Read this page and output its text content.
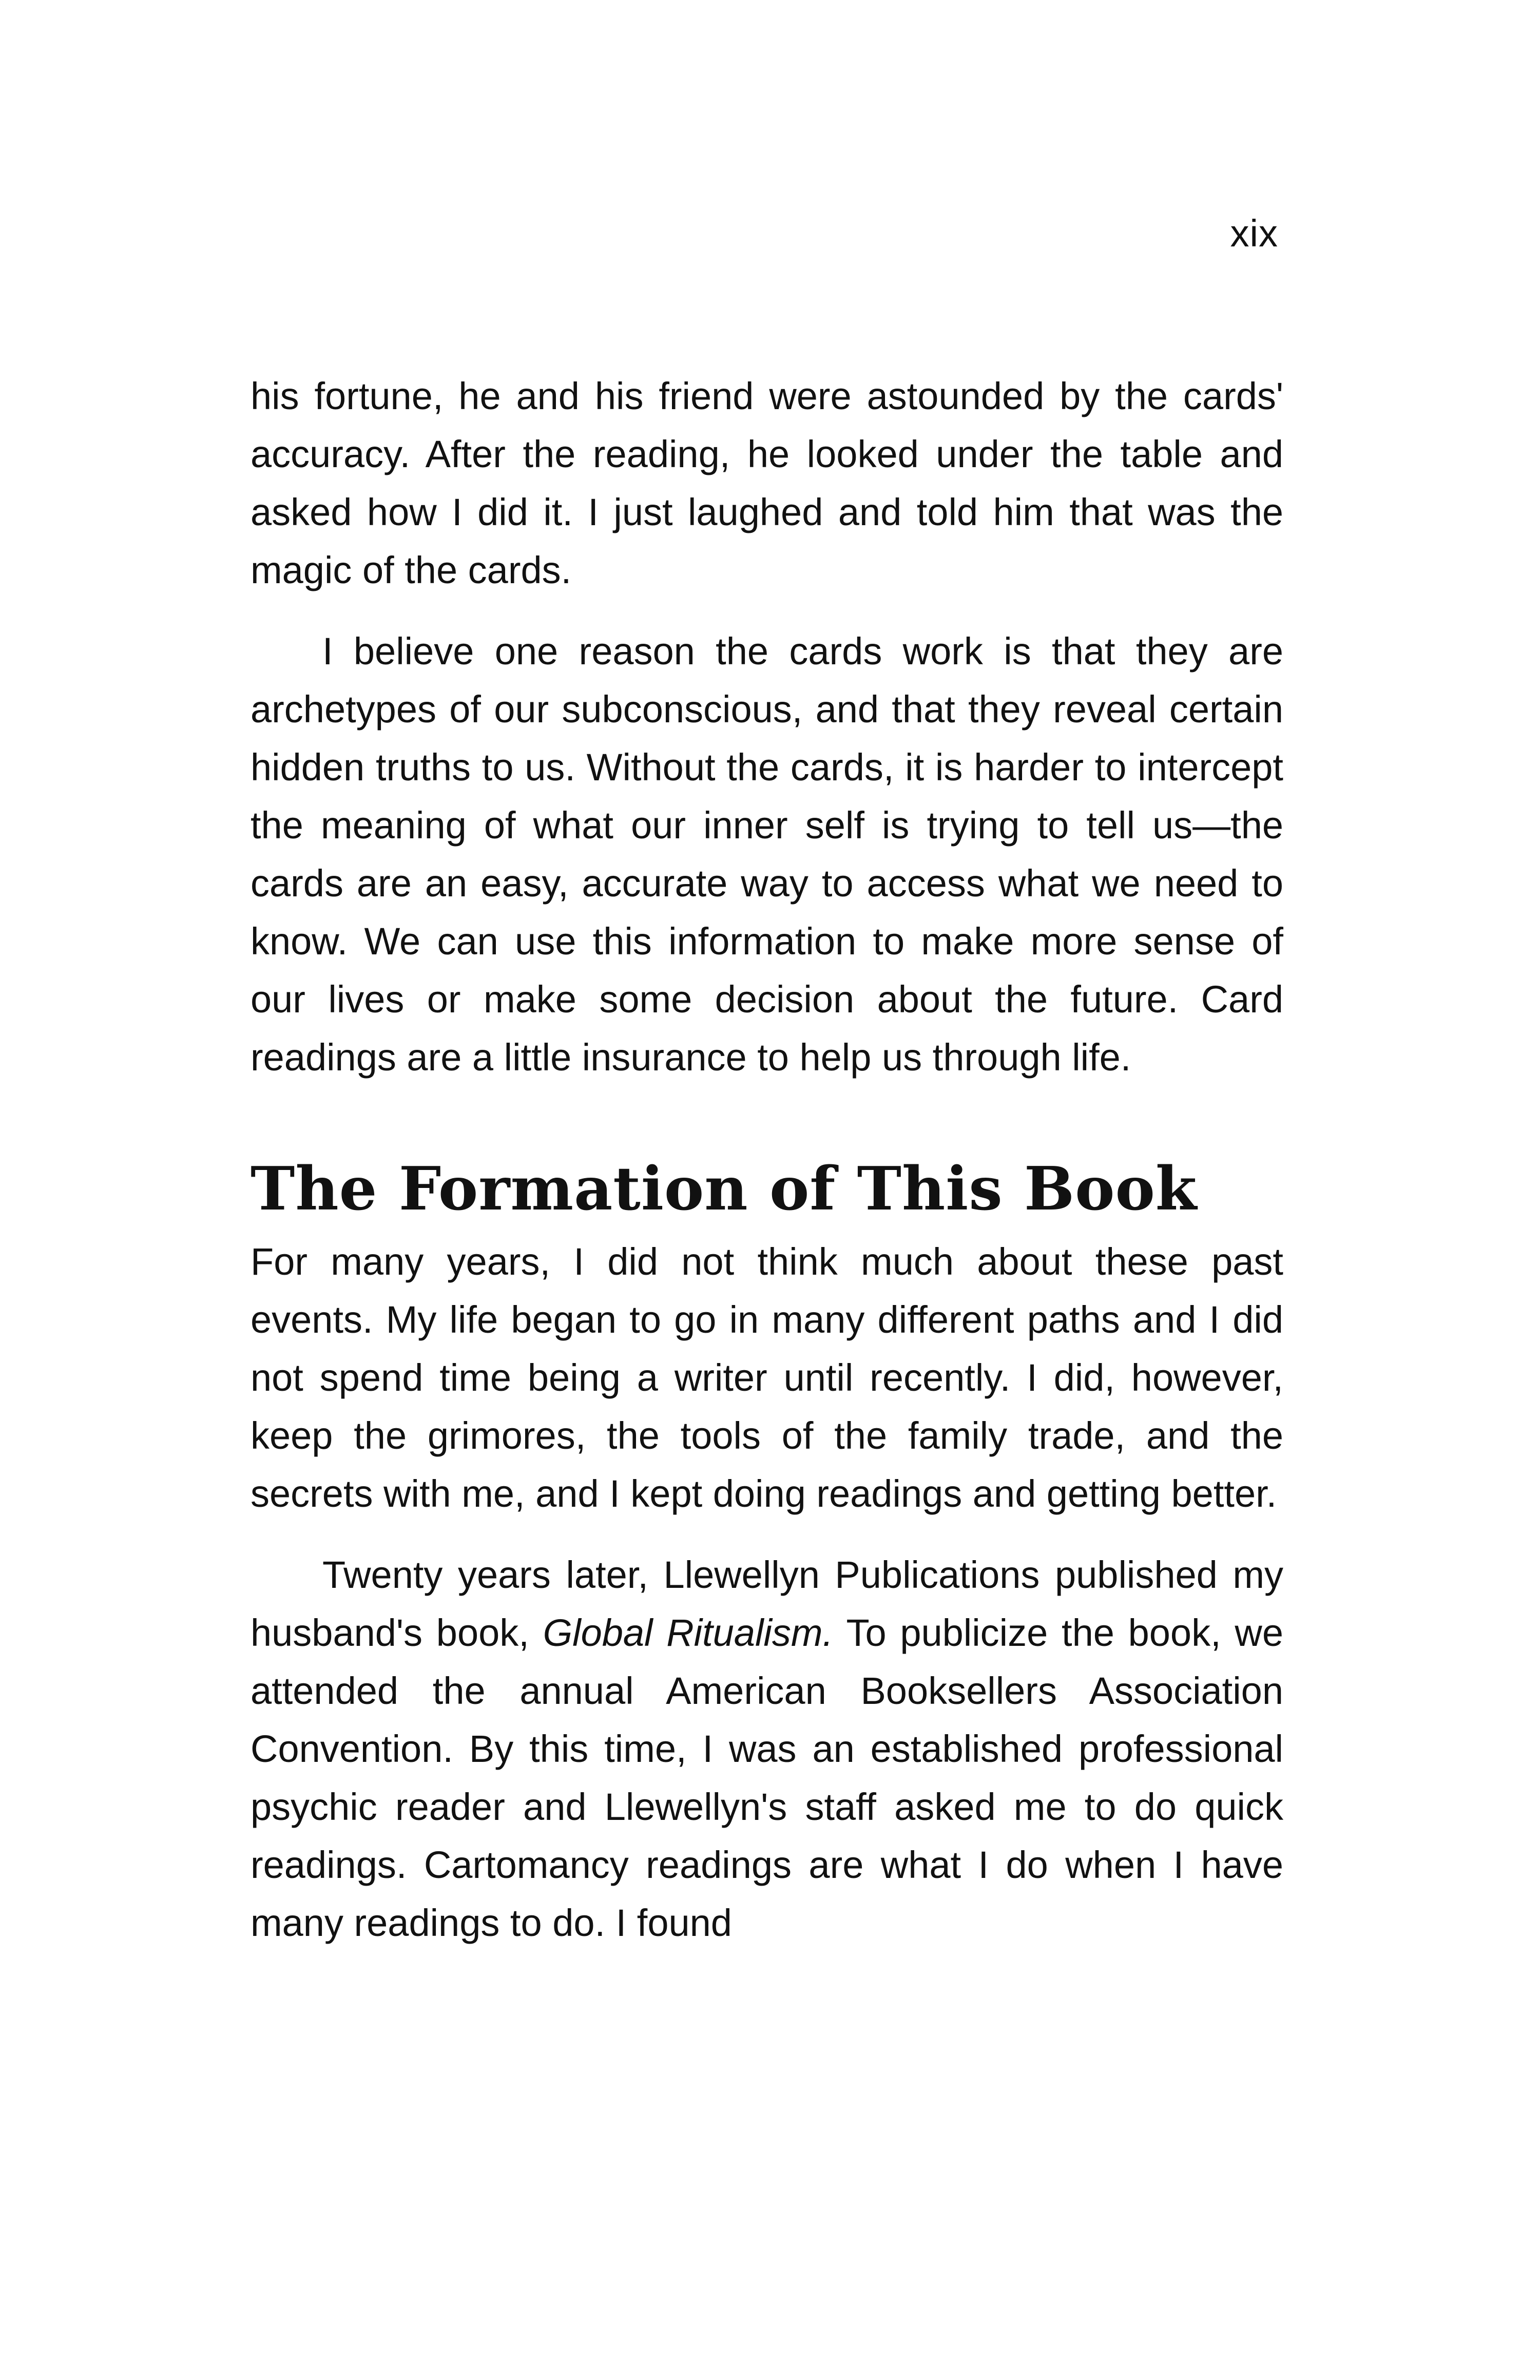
xix

his fortune, he and his friend were astounded by the cards' accuracy. After the reading, he looked under the table and asked how I did it. I just laughed and told him that was the magic of the cards.

I believe one reason the cards work is that they are archetypes of our subconscious, and that they reveal certain hidden truths to us. Without the cards, it is harder to intercept the meaning of what our inner self is trying to tell us—the cards are an easy, accurate way to access what we need to know. We can use this information to make more sense of our lives or make some decision about the future. Card readings are a little insurance to help us through life.

The Formation of This Book

For many years, I did not think much about these past events. My life began to go in many different paths and I did not spend time being a writer until recently. I did, however, keep the grimores, the tools of the family trade, and the secrets with me, and I kept doing readings and getting better.

Twenty years later, Llewellyn Publications published my husband's book, Global Ritualism. To publicize the book, we attended the annual American Booksellers Association Convention. By this time, I was an established professional psychic reader and Llewellyn's staff asked me to do quick readings. Cartomancy readings are what I do when I have many readings to do. I found
